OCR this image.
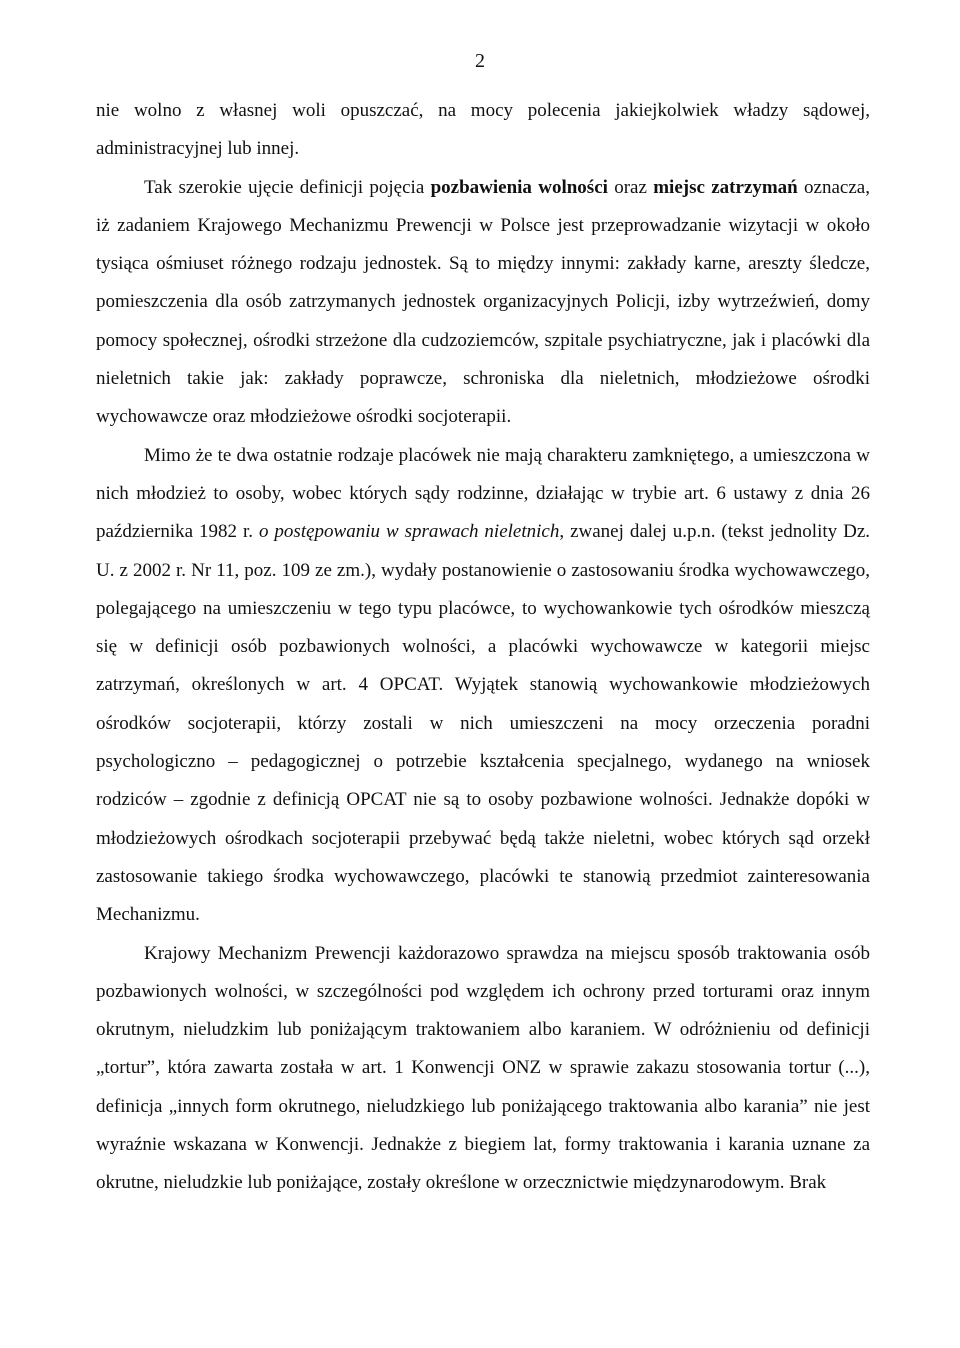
2

nie wolno z własnej woli opuszczać, na mocy polecenia jakiejkolwiek władzy sądowej, administracyjnej lub innej.

Tak szerokie ujęcie definicji pojęcia pozbawienia wolności oraz miejsc zatrzymań oznacza, iż zadaniem Krajowego Mechanizmu Prewencji w Polsce jest przeprowadzanie wizytacji w około tysiąca ośmiuset różnego rodzaju jednostek. Są to między innymi: zakłady karne, areszty śledcze, pomieszczenia dla osób zatrzymanych jednostek organizacyjnych Policji, izby wytrzeźwień, domy pomocy społecznej, ośrodki strzeżone dla cudzoziemców, szpitale psychiatryczne, jak i placówki dla nieletnich takie jak: zakłady poprawcze, schroniska dla nieletnich, młodzieżowe ośrodki wychowawcze oraz młodzieżowe ośrodki socjoterapii.

Mimo że te dwa ostatnie rodzaje placówek nie mają charakteru zamkniętego, a umieszczona w nich młodzież to osoby, wobec których sądy rodzinne, działając w trybie art. 6 ustawy z dnia 26 października 1982 r. o postępowaniu w sprawach nieletnich, zwanej dalej u.p.n. (tekst jednolity Dz. U. z 2002 r. Nr 11, poz. 109 ze zm.), wydały postanowienie o zastosowaniu środka wychowawczego, polegającego na umieszczeniu w tego typu placówce, to wychowankowie tych ośrodków mieszczą się w definicji osób pozbawionych wolności, a placówki wychowawcze w kategorii miejsc zatrzymań, określonych w art. 4 OPCAT. Wyjątek stanowią wychowankowie młodzieżowych ośrodków socjoterapii, którzy zostali w nich umieszczeni na mocy orzeczenia poradni psychologiczno – pedagogicznej o potrzebie kształcenia specjalnego, wydanego na wniosek rodziców – zgodnie z definicją OPCAT nie są to osoby pozbawione wolności. Jednakże dopóki w młodzieżowych ośrodkach socjoterapii przebywać będą także nieletni, wobec których sąd orzekł zastosowanie takiego środka wychowawczego, placówki te stanowią przedmiot zainteresowania Mechanizmu.

Krajowy Mechanizm Prewencji każdorazowo sprawdza na miejscu sposób traktowania osób pozbawionych wolności, w szczególności pod względem ich ochrony przed torturami oraz innym okrutnym, nieludzkim lub poniżającym traktowaniem albo karaniem. W odróżnieniu od definicji „tortur”, która zawarta została w art. 1 Konwencji ONZ w sprawie zakazu stosowania tortur (...), definicja „innych form okrutnego, nieludzkiego lub poniżającego traktowania albo karania” nie jest wyraźnie wskazana w Konwencji. Jednakże z biegiem lat, formy traktowania i karania uznane za okrutne, nieludzkie lub poniżające, zostały określone w orzecznictwie międzynarodowym. Brak
